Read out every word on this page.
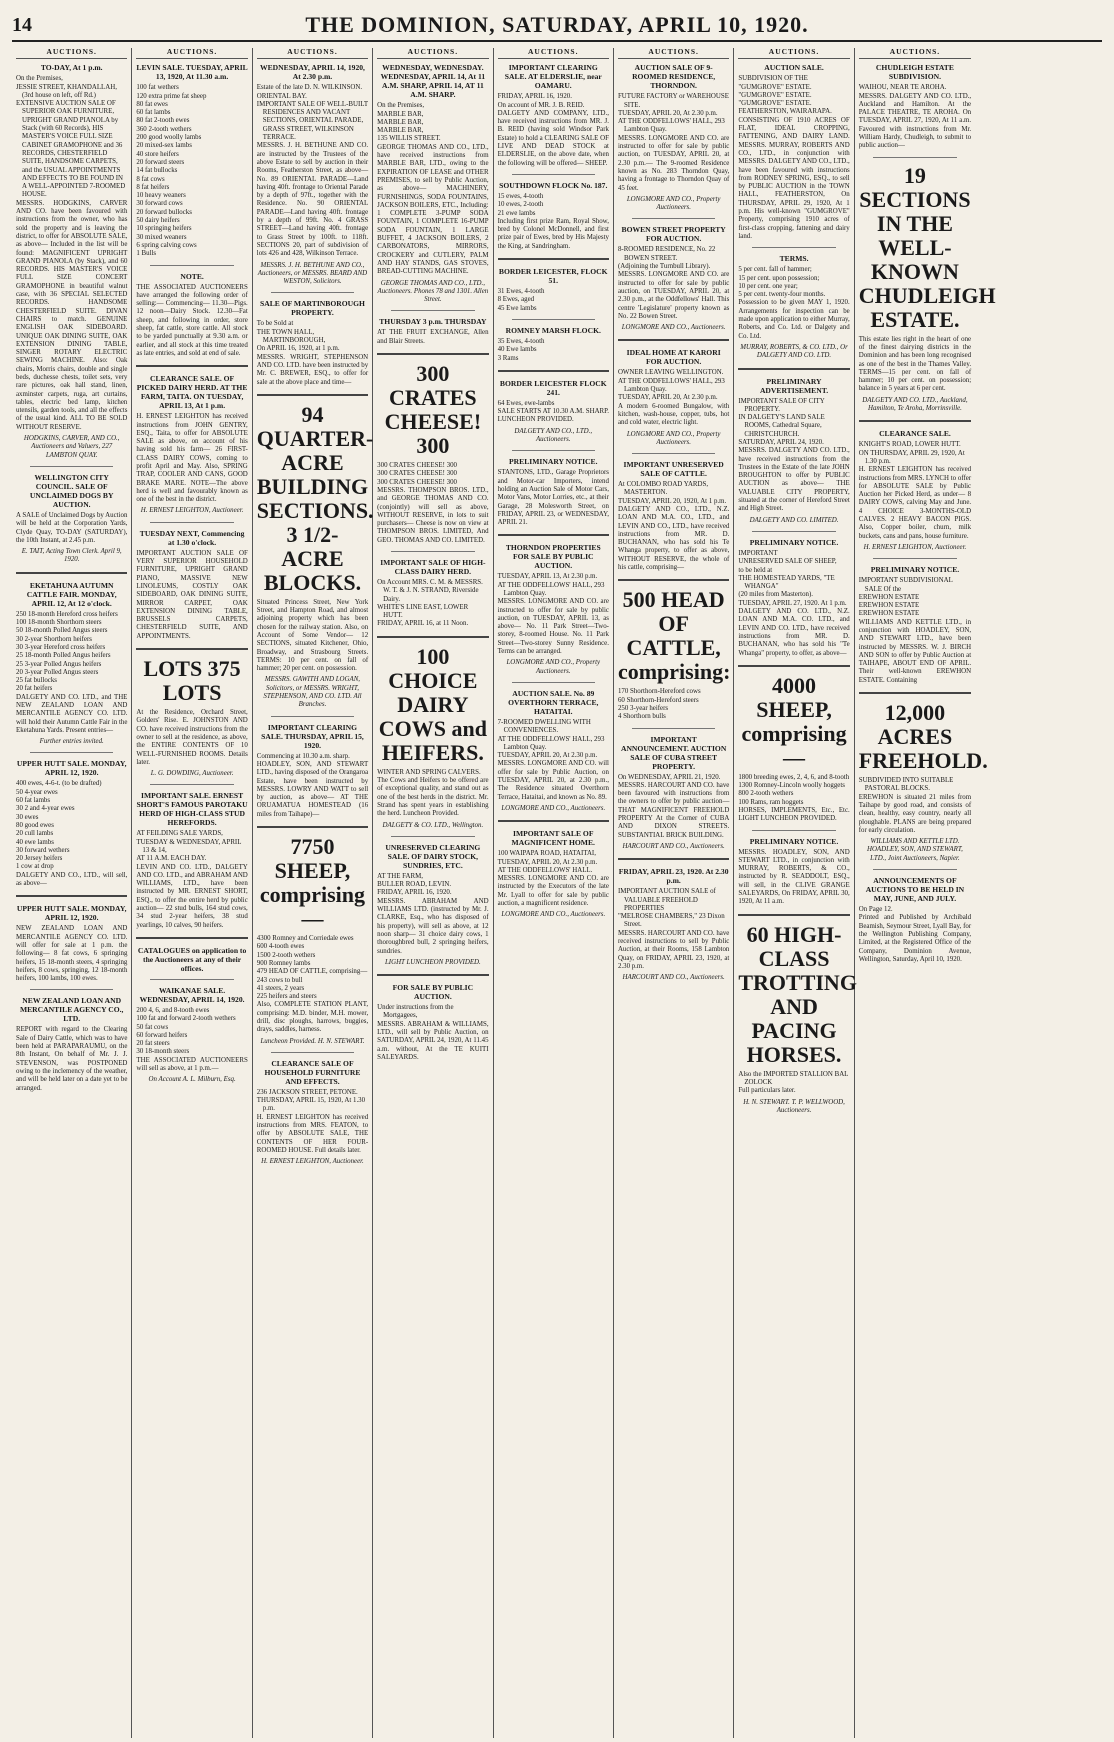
14	THE DOMINION, SATURDAY, APRIL 10, 1920.
AUCTIONS.
TO-DAY, At 1 p.m.
On the Premises,
JESSIE STREET, KHANDALLAH, (3rd house on left, off Rd.)
EXTENSIVE AUCTION SALE OF SUPERIOR OAK FURNITURE, UPRIGHT GRAND PIANOLA by Stack (with 60 Records), HIS MASTER'S VOICE FULL SIZE CABINET GRAMOPHONE and 36 RECORDS, CHESTERFIELD SUITE, HANDSOME CARPETS, and the USUAL APPOINTMENTS AND EFFECTS TO BE FOUND IN A WELL-APPOINTED 7-ROOMED HOUSE.

MESSRS. HODGKINS, CARVER AND CO. have been favoured with instructions from the owner, who has sold the property and is leaving the district, to offer for ABSOLUTE SALE, as above— Included in the list will be found: MAGNIFICENT UPRIGHT GRAND PIANOLA (by Stack), and 60 RECORDS. HIS MASTER'S VOICE FULL SIZE CONCERT GRAMOPHONE in beautiful walnut case, with 36 SPECIAL SELECTED RECORDS. HANDSOME CHESTERFIELD SUITE. DIVAN CHAIRS to match. GENUINE ENGLISH OAK SIDEBOARD. UNIQUE OAK DINING SUITE, OAK EXTENSION DINING TABLE, SINGER ROTARY ELECTRIC SEWING MACHINE. Also: Oak chairs, Morris chairs, double and single beds, duchesse chests, toilet sets, very rare pictures, oak hall stand, linen, axminster carpets, ruga, art curtains, tables, electric bed lamp, kitchen utensils, garden tools, and all the effects of the usual kind. ALL TO BE SOLD WITHOUT RESERVE.

HODGKINS, CARVER, AND CO., Auctioneers and Valuers, 227 LAMBTON QUAY.
WELLINGTON CITY COUNCIL. SALE OF UNCLAIMED DOGS BY AUCTION.

A SALE of Unclaimed Dogs by Auction will be held at the Corporation Yards, Clyde Quay, TO-DAY (SATURDAY), the 10th Instant, at 2.45 p.m.

E. TAIT, Acting Town Clerk. April 9, 1920.
EKETAHUNA AUTUMN CATTLE FAIR. MONDAY, APRIL 12, At 12 o'clock.
250 18-month Hereford cross heifers
100 18-month Shorthorn steers
50 18-month Polled Angus steers
30 2-year Shorthorn heifers
30 3-year Hereford cross heifers
25 18-month Polled Angus heifers
25 3-year Polled Angus heifers
20 3-year Polled Angus steers
25 fat bullocks
20 fat heifers

DALGETY AND CO. LTD., and THE NEW ZEALAND LOAN AND MERCANTILE AGENCY CO. LTD. will hold their Autumn Cattle Fair in the Eketahuna Yards. Present entries—

Further entries invited.
UPPER HUTT SALE. MONDAY, APRIL 12, 1920.
400 ewes, 4-6-t. (to be drafted)
50 4-year ewes
60 fat lambs
30 2 and 4-year ewes
30 ewes
80 good ewes
20 cull lambs
40 ewe lambs
30 forward wethers
20 Jersey heifers
1 cow at drop

DALGETY AND CO., LTD., will sell, as above—

UPPER HUTT SALE. MONDAY, APRIL 12, 1920.

NEW ZEALAND LOAN AND MERCANTILE AGENCY CO. LTD. will offer for sale at 1 p.m. the following— 8 fat cows, 6 springing heifers, 15 18-month steers, 4 springing heifers, 8 cows, springing, 12 18-month heifers, 100 lambs, 100 ewes.

NEW ZEALAND LOAN AND MERCANTILE AGENCY CO., LTD.

REPORT with regard to the Clearing Sale of Dairy Cattle, which was to have been held at PARAPARAUMU, on the 8th Instant, On behalf of Mr. J. J. STEVENSON, was POSTPONED owing to the inclemency of the weather, and will be held later on a date yet to be arranged.

AUCTIONS.
LEVIN SALE. TUESDAY, APRIL 13, 1920, At 11.30 a.m.
100 fat wethers
120 extra prime fat sheep
80 fat ewes
60 fat lambs
80 fat 2-tooth ewes
360 2-tooth wethers
200 good woolly lambs
20 mixed-sex lambs
40 store heifers
20 forward steers
14 fat bullocks
8 fat cows
8 fat heifers
10 heavy weaners
30 forward cows
20 forward bullocks
50 dairy heifers
10 springing heifers
30 mixed weaners
6 spring calving cows
1 Bulls
NOTE.

THE ASSOCIATED AUCTIONEERS have arranged the following order of selling:— Commencing— 11.30—Pigs. 12 noon—Dairy Stock. 12.30—Fat sheep, and following in order, store sheep, fat cattle, store cattle. All stock to be yarded punctually at 9.30 a.m. or earlier, and all stock at this time treated as late entries, and sold at end of sale.

CLEARANCE SALE. OF PICKED DAIRY HERD. AT THE FARM, TAITA. ON TUESDAY, APRIL 13, At 1 p.m.

H. ERNEST LEIGHTON has received instructions from JOHN GENTRY, ESQ., Taita, to offer for ABSOLUTE SALE as above, on account of his having sold his farm— 26 FIRST-CLASS DAIRY COWS, coming to profit April and May. Also, SPRING TRAP, COOLER AND CANS, GOOD BRAKE MARE. NOTE—The above herd is well and favourably known as one of the best in the district.

H. ERNEST LEIGHTON, Auctioneer.
TUESDAY NEXT, Commencing at 1.30 o'clock.

IMPORTANT AUCTION SALE OF VERY SUPERIOR HOUSEHOLD FURNITURE, UPRIGHT GRAND PIANO, MASSIVE NEW LINOLEUMS, COSTLY OAK SIDEBOARD, OAK DINING SUITE, MIRROR CARPET, OAK EXTENSION DINING TABLE, BRUSSELS CARPETS, CHESTERFIELD SUITE, AND APPOINTMENTS.

LOTS 375 LOTS

At the Residence, Orchard Street, Golders' Rise. E. JOHNSTON AND CO. have received instructions from the owner to sell at the residence, as above, the ENTIRE CONTENTS OF 10 WELL-FURNISHED ROOMS. Details later.

L. G. DOWDING, Auctioneer.
IMPORTANT SALE. ERNEST SHORT'S FAMOUS PAROTAKU HERD OF HIGH-CLASS STUD HEREFORDS.
AT FEILDING SALE YARDS,
TUESDAY & WEDNESDAY, APRIL 13 & 14,
AT 11 A.M. EACH DAY.

LEVIN AND CO. LTD., DALGETY AND CO. LTD., and ABRAHAM AND WILLIAMS, LTD., have been instructed by MR. ERNEST SHORT, ESQ., to offer the entire herd by public auction— 22 stud bulls, 164 stud cows, 34 stud 2-year heifers, 38 stud yearlings, 10 calves, 90 heifers.

CATALOGUES on application to the Auctioneers at any of their offices.
WAIKANAE SALE. WEDNESDAY, APRIL 14, 1920.
200 4, 6, and 8-tooth ewes
100 fat and forward 2-tooth wethers
50 fat cows
60 forward heifers
20 fat steers
30 18-month steers

THE ASSOCIATED AUCTIONEERS will sell as above, at 1 p.m.—

On Account A. L. Milburn, Esq.
AUCTIONS.
WEDNESDAY, APRIL 14, 1920, At 2.30 p.m.
Estate of the late D. N. WILKINSON.
ORIENTAL BAY.
IMPORTANT SALE OF WELL-BUILT RESIDENCES AND VACANT SECTIONS, ORIENTAL PARADE, GRASS STREET, WILKINSON TERRACE.

MESSRS. J. H. BETHUNE AND CO. are instructed by the Trustees of the above Estate to sell by auction in their Rooms, Featherston Street, as above— No. 89 ORIENTAL PARADE—Land having 40ft. frontage to Oriental Parade by a depth of 97ft., together with the Residence. No. 90 ORIENTAL PARADE—Land having 40ft. frontage by a depth of 99ft. No. 4 GRASS STREET—Land having 40ft. frontage to Grass Street by 100ft. to 118ft. SECTIONS 20, part of subdivision of lots 426 and 428, Wilkinson Terrace.

MESSRS. J. H. BETHUNE AND CO., Auctioneers, or MESSRS. BEARD AND WESTON, Solicitors.
SALE OF MARTINBOROUGH PROPERTY.
To be Sold at
THE TOWN HALL, MARTINBOROUGH,
On APRIL 16, 1920, at 1 p.m.

MESSRS. WRIGHT, STEPHENSON AND CO. LTD. have been instructed by Mr. C. BREWER, ESQ., to offer for sale at the above place and time—

94 QUARTER-ACRE BUILDING SECTIONS. 3 1/2-ACRE BLOCKS.

Situated Princess Street, New York Street, and Hampton Road, and almost adjoining property which has been chosen for the railway station. Also, on Account of Some Vendor— 12 SECTIONS, situated Kitchener, Ohio, Broadway, and Strasbourg Streets. TERMS: 10 per cent. on fall of hammer; 20 per cent. on possession.

MESSRS. GAWITH AND LOGAN, Solicitors, or MESSRS. WRIGHT, STEPHENSON, AND CO. LTD. All Branches.
IMPORTANT CLEARING SALE. THURSDAY, APRIL 15, 1920.
Commencing at 10.30 a.m. sharp.

HOADLEY, SON, AND STEWART LTD., having disposed of the Orangaroa Estate, have been instructed by MESSRS. LOWRY AND WATT to sell by auction, as above— AT THE ORUAMATUA HOMESTEAD (16 miles from Taihape)—

7750 SHEEP, comprising—
4300 Romney and Corriedale ewes
600 4-tooth ewes
1500 2-tooth wethers
900 Romney lambs
479 HEAD OF CATTLE, comprising—
243 cows to bull
41 steers, 2 years
225 heifers and steers

Also, COMPLETE STATION PLANT, comprising: M.D. binder, M.H. mower, drill, disc ploughs, harrows, buggies, drays, saddles, harness.

Luncheon Provided. H. N. STEWART.
CLEARANCE SALE OF HOUSEHOLD FURNITURE AND EFFECTS.
236 JACKSON STREET, PETONE.
THURSDAY, APRIL 15, 1920, At 1.30 p.m.

H. ERNEST LEIGHTON has received instructions from MRS. FEATON, to offer by ABSOLUTE SALE, THE CONTENTS OF HER FOUR-ROOMED HOUSE. Full details later.

H. ERNEST LEIGHTON, Auctioneer.
AUCTIONS.
WEDNESDAY, WEDNESDAY. WEDNESDAY, APRIL 14, At 11 A.M. SHARP, APRIL 14, AT 11 A.M. SHARP.
On the Premises,
MARBLE BAR,
MARBLE BAR,
MARBLE BAR,
135 WILLIS STREET.

GEORGE THOMAS AND CO., LTD., have received instructions from MARBLE BAR, LTD., owing to the EXPIRATION OF LEASE and OTHER PREMISES, to sell by Public Auction, as above— MACHINERY, FURNISHINGS, SODA FOUNTAINS, JACKSON BOILERS, ETC., Including: 1 COMPLETE 3-PUMP SODA FOUNTAIN, 1 COMPLETE 16-PUMP SODA FOUNTAIN, 1 LARGE BUFFET, 4 JACKSON BOILERS, 2 CARBONATORS, MIRRORS, CROCKERY and CUTLERY, PALM AND HAY STANDS, GAS STOVES, BREAD-CUTTING MACHINE.

GEORGE THOMAS AND CO., LTD., Auctioneers. Phones 78 and 1301. Allen Street.
THURSDAY 3 p.m. THURSDAY

AT THE FRUIT EXCHANGE, Allen and Blair Streets.

300 CRATES CHEESE! 300
300 CRATES CHEESE! 300
300 CRATES CHEESE! 300
300 CRATES CHEESE! 300

MESSRS. THOMPSON BROS. LTD., and GEORGE THOMAS AND CO. (conjointly) will sell as above, WITHOUT RESERVE, in lots to suit purchasers— Cheese is now on view at THOMPSON BROS. LIMITED, And GEO. THOMAS AND CO. LIMITED.

IMPORTANT SALE OF HIGH-CLASS DAIRY HERD.
On Account MRS. C. M. & MESSRS. W. T. & J. N. STRAND, Riverside Dairy.
WHITE'S LINE EAST, LOWER HUTT.
FRIDAY, APRIL 16, at 11 Noon.
100 CHOICE DAIRY COWS and HEIFERS.
WINTER AND SPRING CALVERS.

The Cows and Heifers to be offered are of exceptional quality, and stand out as one of the best herds in the district. Mr. Strand has spent years in establishing the herd. Luncheon Provided.

DALGETY & CO. LTD., Wellington.
UNRESERVED CLEARING SALE. OF DAIRY STOCK, SUNDRIES, ETC.
AT THE FARM,
BULLER ROAD, LEVIN.
FRIDAY, APRIL 16, 1920.

MESSRS. ABRAHAM AND WILLIAMS LTD. (instructed by Mr. J. CLARKE, Esq., who has disposed of his property), will sell as above, at 12 noon sharp— 31 choice dairy cows, 1 thoroughbred bull, 2 springing heifers, sundries.

LIGHT LUNCHEON PROVIDED.
FOR SALE BY PUBLIC AUCTION.
Under instructions from the Mortgagees,

MESSRS. ABRAHAM & WILLIAMS, LTD., will sell by Public Auction, on SATURDAY, APRIL 24, 1920, At 11.45 a.m. without, At the TE KUITI SALEYARDS.

AUCTIONS.
IMPORTANT CLEARING SALE. AT ELDERSLIE, near OAMARU.
FRIDAY, APRIL 16, 1920.
On account of MR. J. B. REID.

DALGETY AND COMPANY, LTD., have received instructions from MR. J. B. REID (having sold Windsor Park Estate) to hold a CLEARING SALE OF LIVE AND DEAD STOCK at ELDERSLIE, on the above date, when the following will be offered— SHEEP.

SOUTHDOWN FLOCK No. 187.
15 ewes, 4-tooth
10 ewes, 2-tooth
21 ewe lambs

Including first prize Ram, Royal Show, bred by Colonel McDonnell, and first prize pair of Ewes, bred by His Majesty the King, at Sandringham.

BORDER LEICESTER, FLOCK 51.
31 Ewes, 4-tooth
8 Ewes, aged
45 Ewe lambs
ROMNEY MARSH FLOCK.
35 Ewes, 4-tooth
40 Ewe lambs
3 Rams
BORDER LEICESTER FLOCK 241.
64 Ewes, ewe-lambs

SALE STARTS AT 10.30 A.M. SHARP. LUNCHEON PROVIDED.

DALGETY AND CO., LTD., Auctioneers.
PRELIMINARY NOTICE.

STANTONS, LTD., Garage Proprietors and Motor-car Importers, intend holding an Auction Sale of Motor Cars, Motor Vans, Motor Lorries, etc., at their Garage, 28 Molesworth Street, on FRIDAY, APRIL 23, or WEDNESDAY, APRIL 21.

THORNDON PROPERTIES FOR SALE BY PUBLIC AUCTION.
TUESDAY, APRIL 13, At 2.30 p.m.
AT THE ODDFELLOWS' HALL, 293 Lambton Quay.

MESSRS. LONGMORE AND CO. are instructed to offer for sale by public auction, on TUESDAY, APRIL 13, as above— No. 11 Park Street—Two-storey, 8-roomed House. No. 11 Park Street—Two-storey Sunny Residence. Terms can be arranged.

LONGMORE AND CO., Property Auctioneers.
AUCTION SALE. No. 89 OVERTHORN TERRACE, HATAITAI.
7-ROOMED DWELLING WITH CONVENIENCES.
AT THE ODDFELLOWS' HALL, 293 Lambton Quay.
TUESDAY, APRIL 20, At 2.30 p.m.

MESSRS. LONGMORE AND CO. will offer for sale by Public Auction, on TUESDAY, APRIL 20, at 2.30 p.m., The Residence situated Overthorn Terrace, Hataitai, and known as No. 89.

LONGMORE AND CO., Auctioneers.
IMPORTANT SALE OF MAGNIFICENT HOME.
100 WAIPAPA ROAD, HATAITAI,
TUESDAY, APRIL 20, At 2.30 p.m.
AT THE ODDFELLOWS' HALL.

MESSRS. LONGMORE AND CO. are instructed by the Executors of the late Mr. Lyall to offer for sale by public auction, a magnificent residence.

LONGMORE AND CO., Auctioneers.
AUCTIONS.
AUCTION SALE OF 9-ROOMED RESIDENCE, THORNDON.
FUTURE FACTORY or WAREHOUSE SITE.
TUESDAY, APRIL 20, At 2.30 p.m.
AT THE ODDFELLOWS' HALL, 293 Lambton Quay.

MESSRS. LONGMORE AND CO. are instructed to offer for sale by public auction, on TUESDAY, APRIL 20, at 2.30 p.m.— The 9-roomed Residence known as No. 283 Thorndon Quay, having a frontage to Thorndon Quay of 45 feet.

LONGMORE AND CO., Property Auctioneers.
BOWEN STREET PROPERTY FOR AUCTION.
8-ROOMED RESIDENCE, No. 22 BOWEN STREET.
(Adjoining the Turnbull Library).

MESSRS. LONGMORE AND CO. are instructed to offer for sale by public auction, on TUESDAY, APRIL 20, at 2.30 p.m., at the Oddfellows' Hall. This centre 'Legislature' property known as No. 22 Bowen Street.

LONGMORE AND CO., Auctioneers.
IDEAL HOME AT KARORI FOR AUCTION.
OWNER LEAVING WELLINGTON.
AT THE ODDFELLOWS' HALL, 293 Lambton Quay.
TUESDAY, APRIL 20, At 2.30 p.m.

A modern 6-roomed Bungalow, with kitchen, wash-house, copper, tubs, hot and cold water, electric light.

LONGMORE AND CO., Property Auctioneers.
IMPORTANT UNRESERVED SALE OF CATTLE.
At COLOMBO ROAD YARDS, MASTERTON.
TUESDAY, APRIL 20, 1920, At 1 p.m.

DALGETY AND CO., LTD., N.Z. LOAN AND M.A. CO., LTD., and LEVIN AND CO., LTD., have received instructions from MR. D. BUCHANAN, who has sold his Te Whanga property, to offer as above, WITHOUT RESERVE, the whole of his cattle, comprising—

500 HEAD OF CATTLE, comprising:
170 Shorthorn-Hereford cows
60 Shorthorn-Hereford steers
250 3-year heifers
4 Shorthorn bulls
IMPORTANT ANNOUNCEMENT. AUCTION SALE OF CUBA STREET PROPERTY.
On WEDNESDAY, APRIL 21, 1920.

MESSRS. HARCOURT AND CO. have been favoured with instructions from the owners to offer by public auction— THAT MAGNIFICENT FREEHOLD PROPERTY At the Corner of CUBA AND DIXON STREETS. SUBSTANTIAL BRICK BUILDING.

HARCOURT AND CO., Auctioneers.
FRIDAY, APRIL 23, 1920. At 2.30 p.m.
IMPORTANT AUCTION SALE of VALUABLE FREEHOLD PROPERTIES
"MELROSE CHAMBERS," 23 Dixon Street.

MESSRS. HARCOURT AND CO. have received instructions to sell by Public Auction, at their Rooms, 158 Lambton Quay, on FRIDAY, APRIL 23, 1920, at 2.30 p.m.

HARCOURT AND CO., Auctioneers.
AUCTIONS.
AUCTION SALE.
SUBDIVISION OF THE
"GUMGROVE" ESTATE.
"GUMGROVE" ESTATE.
"GUMGROVE" ESTATE.
FEATHERSTON, WAIRARAPA.

CONSISTING OF 1910 ACRES OF FLAT, IDEAL CROPPING, FATTENING, AND DAIRY LAND. MESSRS. MURRAY, ROBERTS AND CO., LTD., in conjunction with MESSRS. DALGETY AND CO., LTD., have been favoured with instructions from RODNEY SPRING, ESQ., to sell by PUBLIC AUCTION in the TOWN HALL, FEATHERSTON, On THURSDAY, APRIL 29, 1920, At 1 p.m. His well-known "GUMGROVE" Property, comprising 1910 acres of first-class cropping, fattening and dairy land.

TERMS.
5 per cent. fall of hammer;
15 per cent. upon possession;
10 per cent. one year;
5 per cent. twenty-four months.

Possession to be given MAY 1, 1920. Arrangements for inspection can be made upon application to either Murray, Roberts, and Co. Ltd. or Dalgety and Co. Ltd.

MURRAY, ROBERTS, & CO. LTD., Or DALGETY AND CO. LTD.
PRELIMINARY ADVERTISEMENT.
IMPORTANT SALE OF CITY PROPERTY.
IN DALGETY'S LAND SALE ROOMS, Cathedral Square, CHRISTCHURCH.
SATURDAY, APRIL 24, 1920.

MESSRS. DALGETY AND CO. LTD., have received instructions from the Trustees in the Estate of the late JOHN BROUGHTON to offer by PUBLIC AUCTION as above— THE VALUABLE CITY PROPERTY, situated at the corner of Hereford Street and High Street.

DALGETY AND CO. LIMITED.
PRELIMINARY NOTICE.
IMPORTANT
UNRESERVED SALE OF SHEEP,
to be held at
THE HOMESTEAD YARDS, "TE WHANGA"
(20 miles from Masterton).
TUESDAY, APRIL 27, 1920. At 1 p.m.

DALGETY AND CO. LTD., N.Z. LOAN AND M.A. CO. LTD., and LEVIN AND CO. LTD., have received instructions from MR. D. BUCHANAN, who has sold his "Te Whanga" property, to offer, as above—

4000 SHEEP, comprising—
1800 breeding ewes, 2, 4, 6, and 8-tooth
1300 Romney-Lincoln woolly hoggets
800 2-tooth wethers
100 Rams, ram hoggets

HORSES, IMPLEMENTS, Etc., Etc. LIGHT LUNCHEON PROVIDED.

PRELIMINARY NOTICE.

MESSRS. HOADLEY, SON, AND STEWART LTD., in conjunction with MURRAY, ROBERTS, & CO., instructed by R. SEADDOLT, ESQ., will sell, in the CLIVE GRANGE SALEYARDS, On FRIDAY, APRIL 30, 1920, At 11 a.m.

60 HIGH-CLASS TROTTING AND PACING HORSES.
Also the IMPORTED STALLION BAL ZOLOCK

Full particulars later.

H. N. STEWART. T. P. WELLWOOD, Auctioneers.
AUCTIONS.
CHUDLEIGH ESTATE SUBDIVISION.
WAIHOU, NEAR TE AROHA.

MESSRS. DALGETY AND CO. LTD., Auckland and Hamilton. At the PALACE THEATRE, TE AROHA. On TUESDAY, APRIL 27, 1920, At 11 a.m. Favoured with instructions from Mr. William Hardy, Chudleigh, to submit to public auction—

19 SECTIONS IN THE WELL-KNOWN CHUDLEIGH ESTATE.

This estate lies right in the heart of one of the finest dairying districts in the Dominion and has been long recognised as one of the best in the Thames Valley. TERMS—15 per cent. on fall of hammer; 10 per cent. on possession; balance in 5 years at 6 per cent.

DALGETY AND CO. LTD., Auckland, Hamilton, Te Aroha, Morrinsville.
CLEARANCE SALE.
KNIGHT'S ROAD, LOWER HUTT.
ON THURSDAY, APRIL 29, 1920, At 1.30 p.m.

H. ERNEST LEIGHTON has received instructions from MRS. LYNCH to offer for ABSOLUTE SALE by Public Auction her Picked Herd, as under— 8 DAIRY COWS, calving May and June. 4 CHOICE 3-MONTHS-OLD CALVES. 2 HEAVY BACON PIGS. Also, Copper boiler, churn, milk buckets, cans and pans, house furniture.

H. ERNEST LEIGHTON, Auctioneer.
PRELIMINARY NOTICE.
IMPORTANT SUBDIVISIONAL SALE Of the
EREWHON ESTATE
EREWHON ESTATE
EREWHON ESTATE

WILLIAMS AND KETTLE LTD., in conjunction with HOADLEY, SON, AND STEWART LTD., have been instructed by MESSRS. W. J. BIRCH AND SON to offer by Public Auction at TAIHAPE, ABOUT END OF APRIL. Their well-known EREWHON ESTATE. Containing

12,000 ACRES FREEHOLD.
SUBDIVIDED INTO SUITABLE PASTORAL BLOCKS.

EREWHON is situated 21 miles from Taihape by good road, and consists of clean, healthy, easy country, nearly all ploughable. PLANS are being prepared for early circulation.

WILLIAMS AND KETTLE LTD. HOADLEY, SON, AND STEWART, LTD., Joint Auctioneers, Napier.
ANNOUNCEMENTS OF AUCTIONS TO BE HELD IN MAY, JUNE, AND JULY.
On Page 12.

Printed and Published by Archibald Beamish, Seymour Street, Lyall Bay, for the Wellington Publishing Company, Limited, at the Registered Office of the Company, Dominion Avenue, Wellington, Saturday, April 10, 1920.
